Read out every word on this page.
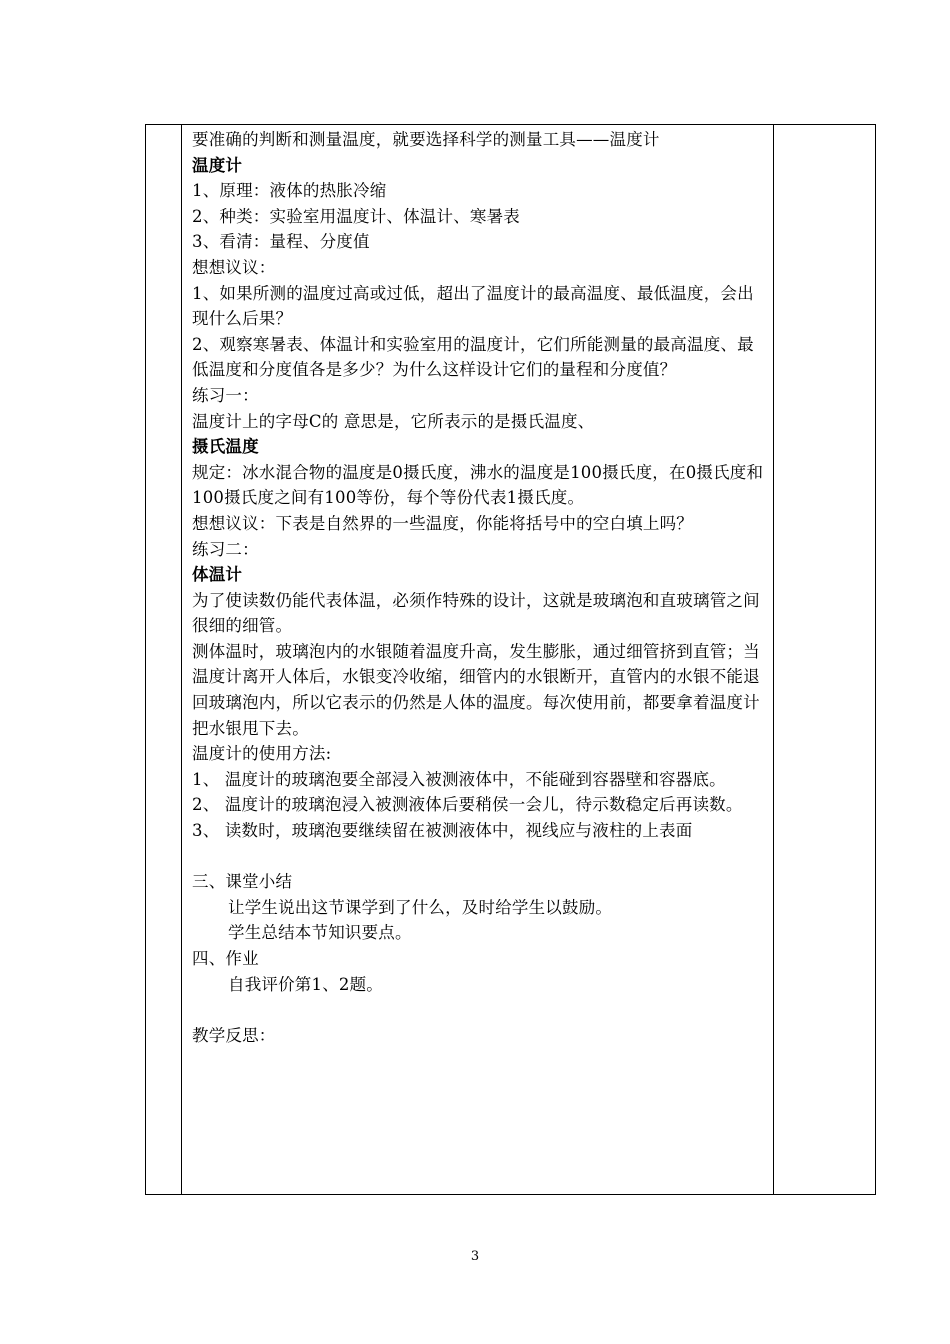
要准确的判断和测量温度，就要选择科学的测量工具——温度计

温度计

1、原理：液体的热胀冷缩

2、种类：实验室用温度计、体温计、寒暑表

3、看清：量程、分度值

想想议议：

1、如果所测的温度过高或过低，超出了温度计的最高温度、最低温度，会出现什么后果？

2、观察寒暑表、体温计和实验室用的温度计，它们所能测量的最高温度、最低温度和分度值各是多少？为什么这样设计它们的量程和分度值？

练习一：

温度计上的字母C的 意思是，它所表示的是摄氏温度、

摄氏温度

规定：冰水混合物的温度是0摄氏度，沸水的温度是100摄氏度，在0摄氏度和100摄氏度之间有100等份，每个等份代表1摄氏度。

想想议议：下表是自然界的一些温度，你能将括号中的空白填上吗？

练习二：

体温计

为了使读数仍能代表体温，必须作特殊的设计，这就是玻璃泡和直玻璃管之间很细的细管。

测体温时，玻璃泡内的水银随着温度升高，发生膨胀，通过细管挤到直管；当温度计离开人体后，水银变冷收缩，细管内的水银断开，直管内的水银不能退回玻璃泡内，所以它表示的仍然是人体的温度。每次使用前，都要拿着温度计把水银甩下去。

温度计的使用方法:

1、 温度计的玻璃泡要全部浸入被测液体中，不能碰到容器壁和容器底。

2、 温度计的玻璃泡浸入被测液体后要稍侯一会儿，待示数稳定后再读数。

3、 读数时，玻璃泡要继续留在被测液体中，视线应与液柱的上表面

三、课堂小结

让学生说出这节课学到了什么，及时给学生以鼓励。

学生总结本节知识要点。

四、作业

自我评价第1、2题。

教学反思：

3
